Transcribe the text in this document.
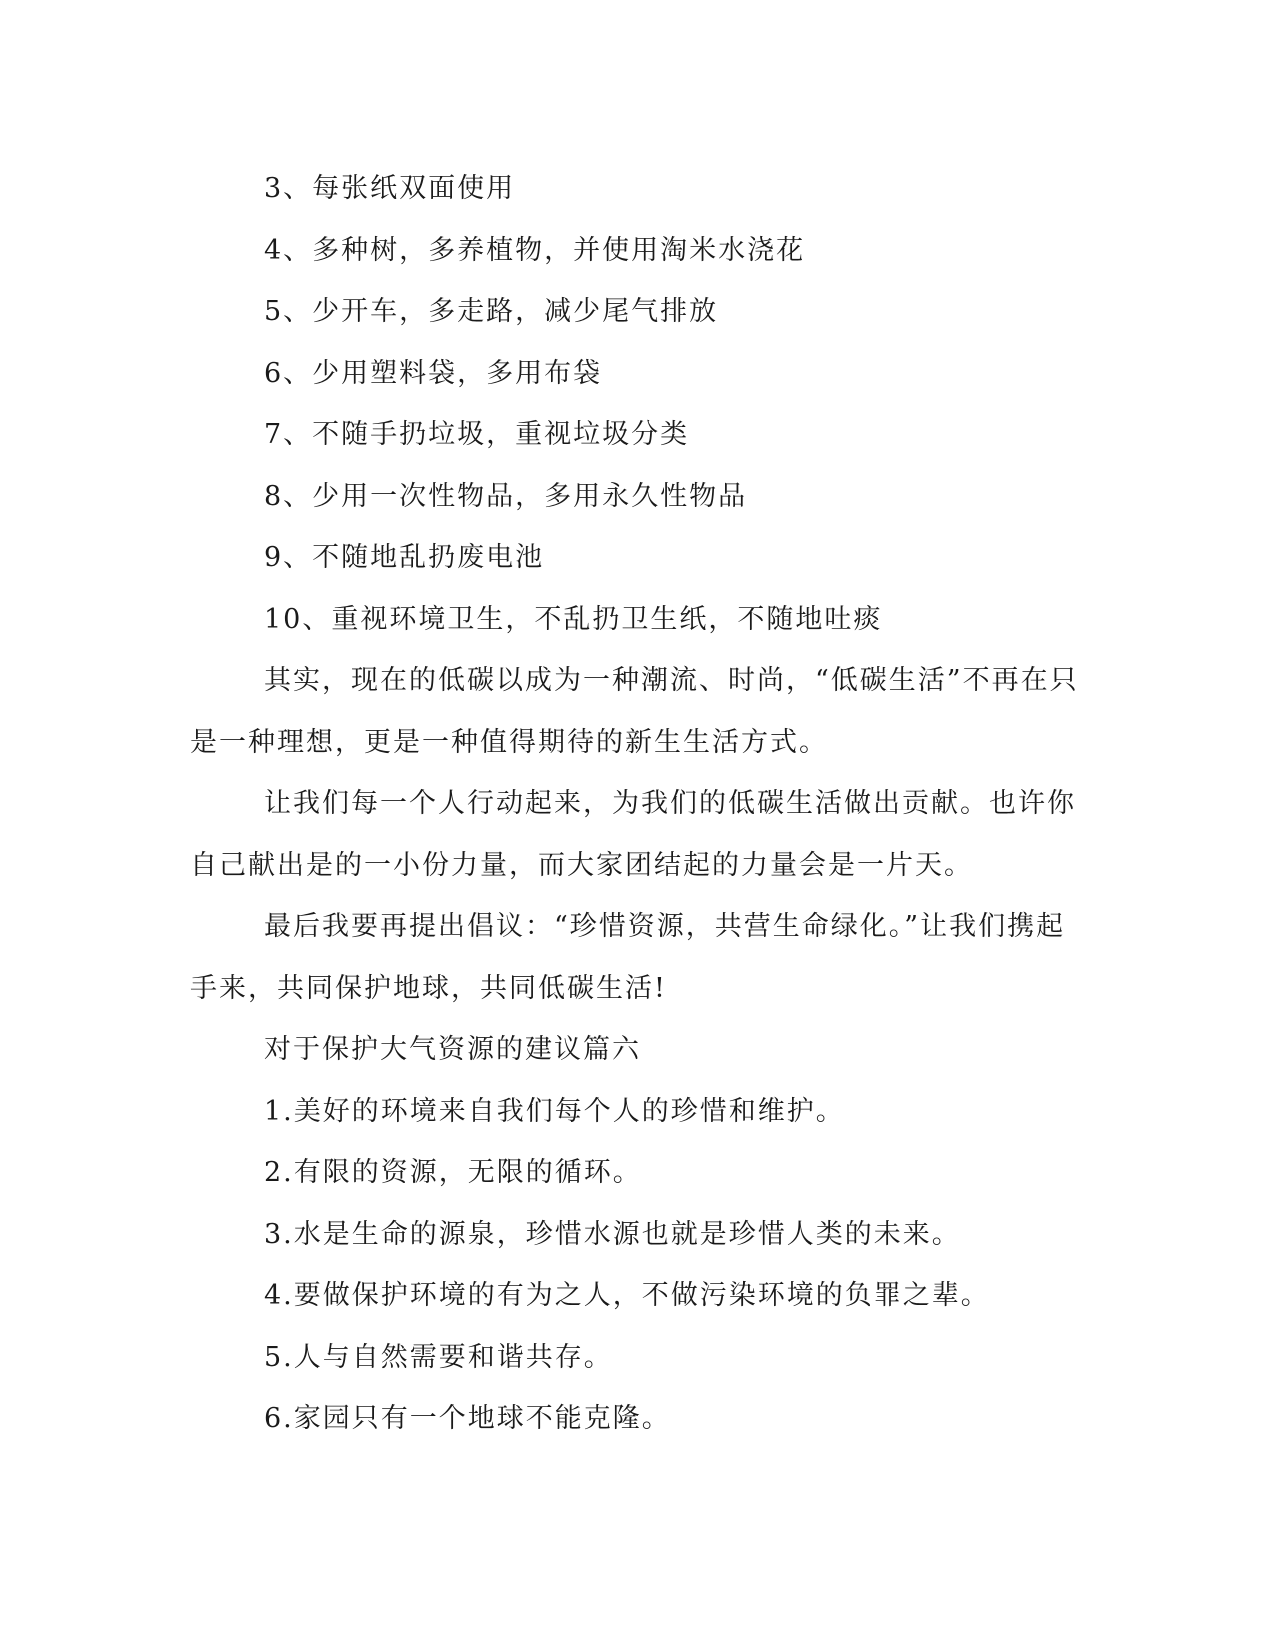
3、每张纸双面使用
4、多种树，多养植物，并使用淘米水浇花
5、少开车，多走路，减少尾气排放
6、少用塑料袋，多用布袋
7、不随手扔垃圾，重视垃圾分类
8、少用一次性物品，多用永久性物品
9、不随地乱扔废电池
10、重视环境卫生，不乱扔卫生纸，不随地吐痰
其实，现在的低碳以成为一种潮流、时尚，“低碳生活”不再在只
是一种理想，更是一种值得期待的新生生活方式。
让我们每一个人行动起来，为我们的低碳生活做出贡献。也许你
自己献出是的一小份力量，而大家团结起的力量会是一片天。
最后我要再提出倡议：“珍惜资源，共营生命绿化。”让我们携起
手来，共同保护地球，共同低碳生活!
对于保护大气资源的建议篇六
1.美好的环境来自我们每个人的珍惜和维护。
2.有限的资源，无限的循环。
3.水是生命的源泉，珍惜水源也就是珍惜人类的未来。
4.要做保护环境的有为之人，不做污染环境的负罪之辈。
5.人与自然需要和谐共存。
6.家园只有一个地球不能克隆。
